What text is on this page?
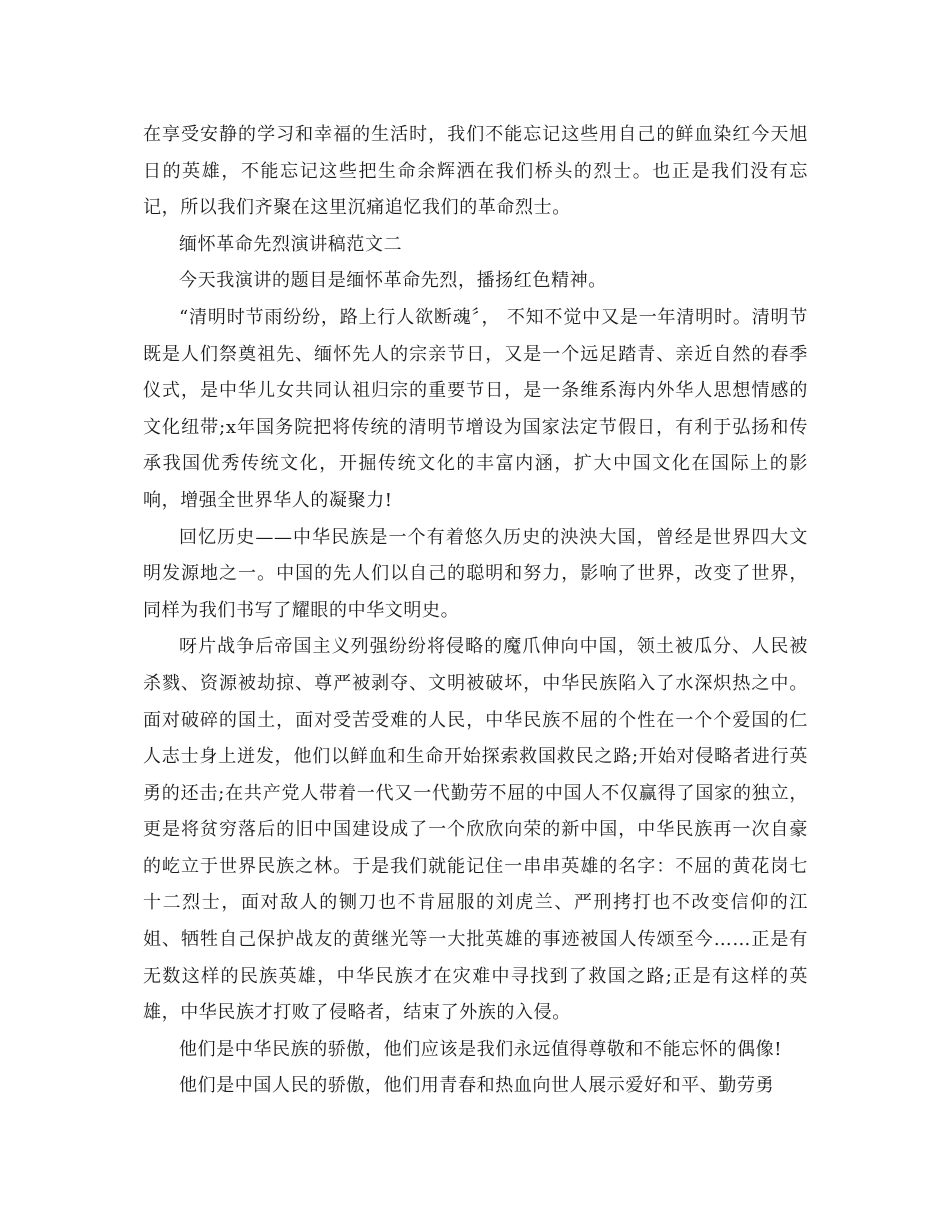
在享受安静的学习和幸福的生活时，我们不能忘记这些用自己的鲜血染红今天旭日的英雄，不能忘记这些把生命余辉洒在我们桥头的烈士。也正是我们没有忘记，所以我们齐聚在这里沉痛追忆我们的革命烈士。

缅怀革命先烈演讲稿范文二

今天我演讲的题目是缅怀革命先烈，播扬红色精神。

“清明时节雨纷纷，路上行人欲断魂〞， 不知不觉中又是一年清明时。清明节既是人们祭奠祖先、缅怀先人的宗亲节日，又是一个远足踏青、亲近自然的春季仪式，是中华儿女共同认祖归宗的重要节日，是一条维系海内外华人思想情感的文化纽带;x年国务院把将传统的清明节增设为国家法定节假日，有利于弘扬和传承我国优秀传统文化，开掘传统文化的丰富内涵，扩大中国文化在国际上的影响，增强全世界华人的凝聚力!

回忆历史——中华民族是一个有着悠久历史的泱泱大国，曾经是世界四大文明发源地之一。中国的先人们以自己的聪明和努力，影响了世界，改变了世界，同样为我们书写了耀眼的中华文明史。

呀片战争后帝国主义列强纷纷将侵略的魔爪伸向中国，领土被瓜分、人民被杀戮、资源被劫掠、尊严被剥夺、文明被破坏，中华民族陷入了水深炽热之中。面对破碎的国土，面对受苦受难的人民，中华民族不屈的个性在一个个爱国的仁人志士身上迸发，他们以鲜血和生命开始探索救国救民之路;开始对侵略者进行英勇的还击;在共产党人带着一代又一代勤劳不屈的中国人不仅赢得了国家的独立，更是将贫穷落后的旧中国建设成了一个欣欣向荣的新中国，中华民族再一次自豪的屹立于世界民族之林。于是我们就能记住一串串英雄的名字：不屈的黄花岗七十二烈士，面对敌人的铡刀也不肯屈服的刘虎兰、严刑拷打也不改变信仰的江姐、牺牲自己保护战友的黄继光等一大批英雄的事迹被国人传颂至今……正是有无数这样的民族英雄，中华民族才在灾难中寻找到了救国之路;正是有这样的英雄，中华民族才打败了侵略者，结束了外族的入侵。

他们是中华民族的骄傲，他们应该是我们永远值得尊敬和不能忘怀的偶像!

他们是中国人民的骄傲，他们用青春和热血向世人展示爱好和平、勤劳勇
